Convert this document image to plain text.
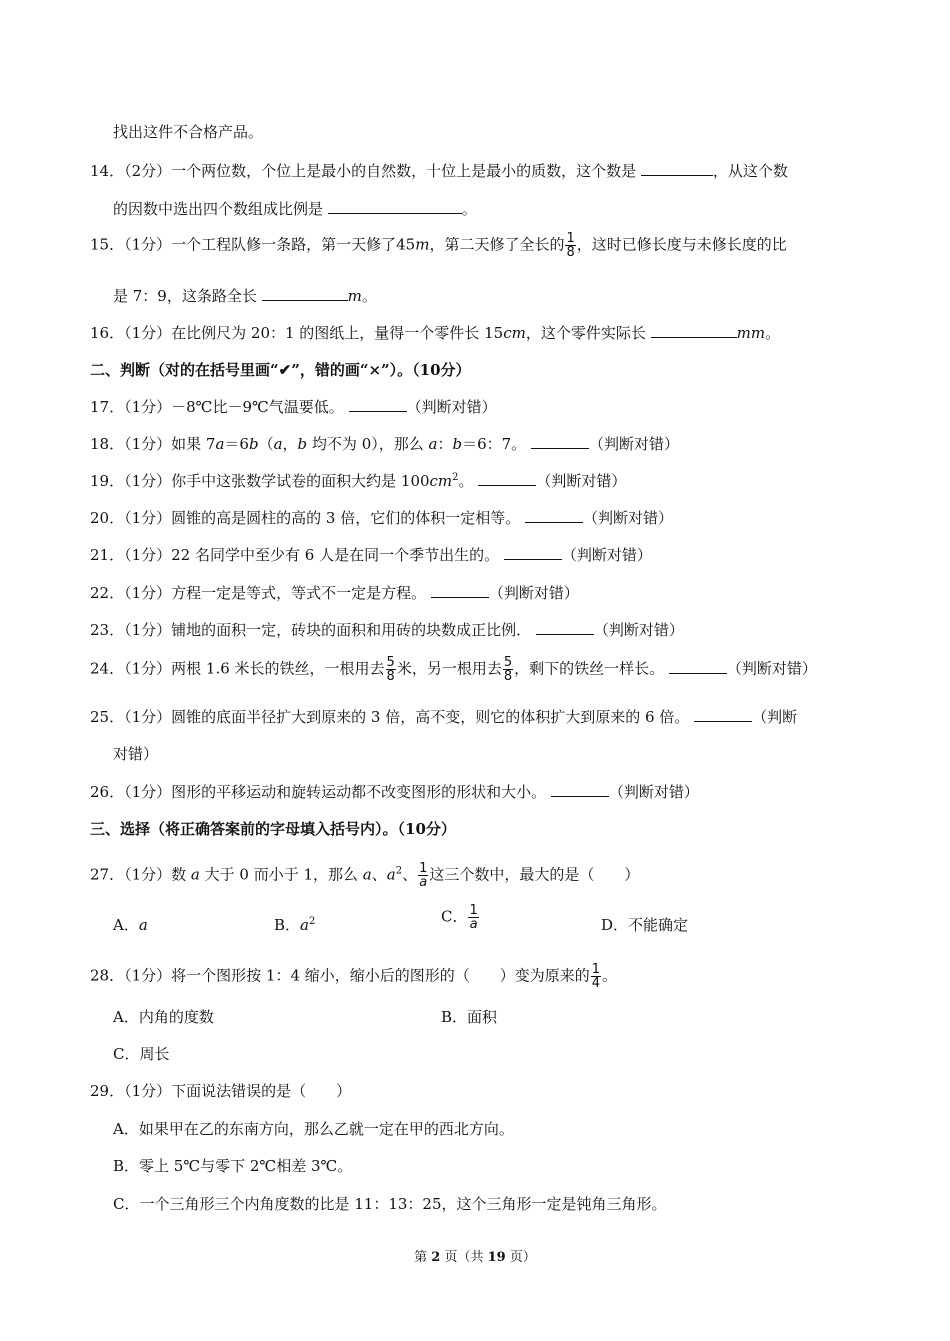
找出这件不合格产品。
14．（2分）一个两位数，个位上是最小的自然数，十位上是最小的质数，这个数是	，从这个数
的因数中选出四个数组成比例是	。
15．（1分）一个工程队修一条路，第一天修了45m，第二天修了全长的 $\frac{1}{8}$ ，这时已修长度与未修长度的比
是 7：9，这条路全长	m。
16．（1分）在比例尺为 20：1 的图纸上，量得一个零件长 15cm，这个零件实际长	mm。
二、判断（对的在括号里画“✔”，错的画“×”）。（10分）
17．（1分）－8℃比－9℃气温要低。	（判断对错）
18．（1分）如果 7a＝6b（a，b 均不为 0），那么 a：b＝6：7。	（判断对错）
19．（1分）你手中这张数学试卷的面积大约是 $100cm^2$。	（判断对错）
20．（1分）圆锥的高是圆柱的高的 3 倍，它们的体积一定相等。	（判断对错）
21．（1分）22 名同学中至少有 6 人是在同一个季节出生的。	（判断对错）
22．（1分）方程一定是等式，等式不一定是方程。	（判断对错）
23．（1分）铺地的面积一定，砖块的面积和用砖的块数成正比例．	（判断对错）
24．（1分）两根 1.6 米长的铁丝，一根用去 $\frac{5}{8}$ 米，另一根用去 $\frac{5}{8}$ ，剩下的铁丝一样长。	（判断对错）
25．（1分）圆锥的底面半径扩大到原来的 3 倍，高不变，则它的体积扩大到原来的 6 倍。	（判断
对错）
26．（1分）图形的平移运动和旋转运动都不改变图形的形状和大小。	（判断对错）
三、选择（将正确答案前的字母填入括号内）。（10分）
27．（1分）数 a 大于 0 而小于 1，那么 a、$a^2$、 $\frac{1}{a}$ 这三个数中，最大的是（　　）
A．a	B．$a^2$	C． $\frac{1}{a}$	D．不能确定
28．（1分）将一个图形按 1：4 缩小，缩小后的图形的（　　）变为原来的 $\frac{1}{4}$ 。
A．内角的度数	B．面积
C．周长
29．（1分）下面说法错误的是（　　）
A．如果甲在乙的东南方向，那么乙就一定在甲的西北方向。
B．零上 5℃与零下 2℃相差 3℃。
C．一个三角形三个内角度数的比是 11：13：25，这个三角形一定是钝角三角形。
第 2 页（共 19 页）
